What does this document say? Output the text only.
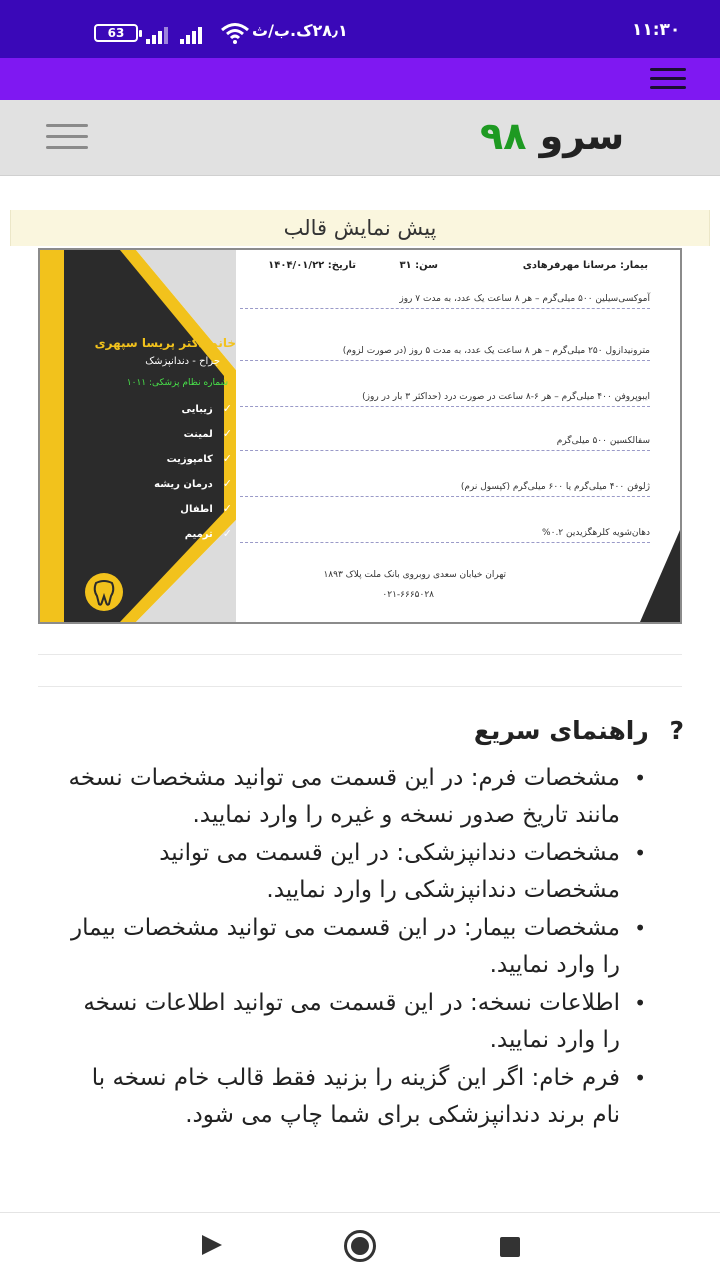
۱۱:۳۰
۲۸٫۱ک.ب/ث
63
سرو ۹۸
پیش نمایش قالب
خانم دکتر پریسا سپهری
جراح - دندانپزشک
شماره نظام پزشکی: ۱۰۱۱
✓زیبایی
✓لمینت
✓کامپوزیت
✓درمان ریشه
✓اطفال
✓ترمیم
بیمار: مرسانا مهرفرهادی
سن: ۳۱
تاریخ: ۱۴۰۴/۰۱/۲۲
آموکسی‌سیلین ۵۰۰ میلی‌گرم – هر ۸ ساعت یک عدد، به مدت ۷ روز
مترونیدازول ۲۵۰ میلی‌گرم – هر ۸ ساعت یک عدد، به مدت ۵ روز (در صورت لزوم)
ایبوپروفن ۴۰۰ میلی‌گرم – هر ۶-۸ ساعت در صورت درد (حداکثر ۳ بار در روز)
سفالکسین ۵۰۰ میلی‌گرم
ژلوفن ۴۰۰ میلی‌گرم یا ۶۰۰ میلی‌گرم (کپسول نرم)
دهان‌شویه کلرهگزیدین ۰.۲%
تهران خیابان سعدی روبروی بانک ملت پلاک ۱۸۹۳
۰۲۱-۶۶۶۵۰۲۸
? راهنمای سریع
• مشخصات فرم: در این قسمت می توانید مشخصات نسخه مانند تاریخ صدور نسخه و غیره را وارد نمایید.
• مشخصات دندانپزشکی: در این قسمت می توانید مشخصات دندانپزشکی را وارد نمایید.
• مشخصات بیمار: در این قسمت می توانید مشخصات بیمار را وارد نمایید.
• اطلاعات نسخه: در این قسمت می توانید اطلاعات نسخه را وارد نمایید.
• فرم خام: اگر این گزینه را بزنید فقط قالب خام نسخه با نام برند دندانپزشکی برای شما چاپ می شود.
